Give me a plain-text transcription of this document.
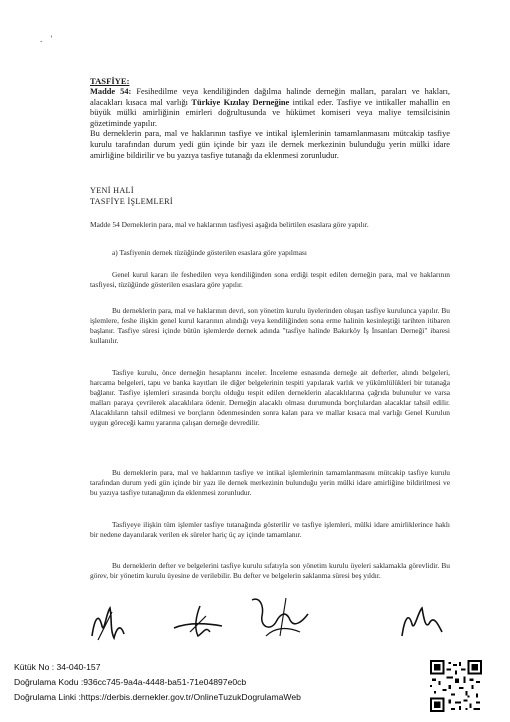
. '
TASFİYE:

Madde 54: Fesihedilme veya kendiliğinden dağılma halinde derneğin malları, paraları ve hakları, alacakları kısaca mal varlığı Türkiye Kızılay Derneğine intikal eder. Tasfiye ve intikaller mahallin en büyük mülki amirliğinin emirleri doğrultusunda ve hükümet komiseri veya maliye temsilcisinin gözetiminde yapılır.

Bu derneklerin para, mal ve haklarının tasfiye ve intikal işlemlerinin tamamlanmasını mütcakip tasfiye kurulu tarafından durum yedi gün içinde bir yazı ile dernek merkezinin bulunduğu yerin mülki idare amirliğine bildirilir ve bu yazıya tasfiye tutanağı da eklenmesi zorunludur.

YENİ HALİ
TASFİYE İŞLEMLERİ

Madde 54 Derneklerin para, mal ve haklarının tasfiyesi aşağıda belirtilen esaslara göre yapılır.

a) Tasfiyenin dernek tüzüğünde gösterilen esaslara göre yapılması

Genel kurul kararı ile feshedilen veya kendiliğinden sona erdiği tespit edilen derneğin para, mal ve haklarının tasfiyesi, tüzüğünde gösterilen esaslara göre yapılır.

Bu derneklerin para, mal ve haklarının devri, son yönetim kurulu üyelerinden oluşan tasfiye kurulunca yapılır. Bu işlemlere, feshe ilişkin genel kurul kararının alındığı veya kendiliğinden sona erme halinin kesinleştiği tarihten itibaren başlanır. Tasfiye süresi içinde bütün işlemlerde dernek adında "tasfiye halinde Bakırköy İş İnsanları Derneği" ibaresi kullanılır.

Tasfiye kurulu, önce derneğin hesaplarını inceler. İnceleme esnasında derneğe ait defterler, alındı belgeleri, harcama belgeleri, tapu ve banka kayıtları ile diğer belgelerinin tespiti yapılarak varlık ve yükümlülükleri bir tutanağa bağlanır. Tasfiye işlemleri sırasında borçlu olduğu tespit edilen derneklerin alacaklılarına çağrıda bulunulur ve varsa malları paraya çevrilerek alacaklılara ödenir. Derneğin alacaklı olması durumunda borçlulardan alacaklar tahsil edilir. Alacaklıların tahsil edilmesi ve borçların ödenmesinden sonra kalan para ve mallar kısaca mal varlığı Genel Kurulun uygun göreceği kamu yararına çalışan derneğe devredilir.

Bu derneklerin para, mal ve haklarının tasfiye ve intikal işlemlerinin tamamlanmasını mütcakip tasfiye kurulu tarafından durum yedi gün içinde bir yazı ile dernek merkezinin bulunduğu yerin mülki idare amirliğine bildirilmesi ve bu yazıya tasfiye tutanağının da eklenmesi zorunludur.

Tasfiyeye ilişkin tüm işlemler tasfiye tutanağında gösterilir ve tasfiye işlemleri, mülki idare amirliklerince haklı bir nedene dayanılarak verilen ek süreler hariç üç ay içinde tamamlanır.

Bu derneklerin defter ve belgelerini tasfiye kurulu sıfatıyla son yönetim kurulu üyeleri saklamakla görevlidir. Bu görev, bir yönetim kurulu üyesine de verilebilir. Bu defter ve belgelerin saklanma süresi beş yıldır.

Kütük No : 34-040-157
Doğrulama Kodu :936cc745-9a4a-4448-ba51-71e04897e0cb
Doğrulama Linki :https://derbis.dernekler.gov.tr/OnlineTuzukDogrulamaWeb
